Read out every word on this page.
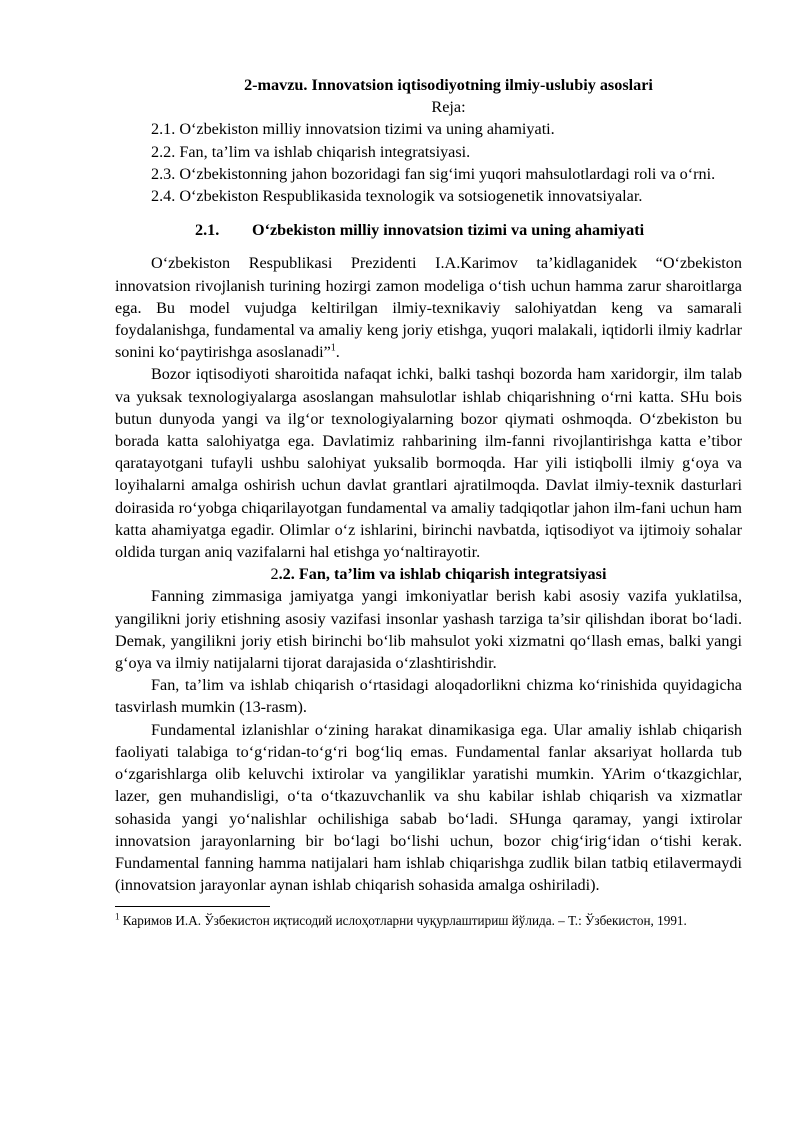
2-mavzu. Innovatsion iqtisodiyotning ilmiy-uslubiy asoslari

Reja:

2.1. O‘zbekiston milliy innovatsion tizimi va uning ahamiyati.

2.2. Fan, ta’lim va ishlab chiqarish integratsiyasi.

2.3. O‘zbekistonning jahon bozoridagi fan sig‘imi yuqori mahsulotlardagi roli va o‘rni.

2.4. O‘zbekiston Respublikasida texnologik va sotsiogenetik innovatsiyalar.

2.1. O‘zbekiston milliy innovatsion tizimi va uning ahamiyati

O‘zbekiston Respublikasi Prezidenti I.A.Karimov ta’kidlaganidek “O‘zbekiston innovatsion rivojlanish turining hozirgi zamon modeliga o‘tish uchun hamma zarur sharoitlarga ega. Bu model vujudga keltirilgan ilmiy-texnikaviy salohiyatdan keng va samarali foydalanishga, fundamental va amaliy keng joriy etishga, yuqori malakali, iqtidorli ilmiy kadrlar sonini ko‘paytirishga asoslanadi”$^1$.

Bozor iqtisodiyoti sharoitida nafaqat ichki, balki tashqi bozorda ham xaridorgir, ilm talab va yuksak texnologiyalarga asoslangan mahsulotlar ishlab chiqarishning o‘rni katta. SHu bois butun dunyoda yangi va ilg‘or texnologiyalarning bozor qiymati oshmoqda. O‘zbekiston bu borada katta salohiyatga ega. Davlatimiz rahbarining ilm-fanni rivojlantirishga katta e’tibor qaratayotgani tufayli ushbu salohiyat yuksalib bormoqda. Har yili istiqbolli ilmiy g‘oya va loyihalarni amalga oshirish uchun davlat grantlari ajratilmoqda. Davlat ilmiy-texnik dasturlari doirasida ro‘yobga chiqarilayotgan fundamental va amaliy tadqiqotlar jahon ilm-fani uchun ham katta ahamiyatga egadir. Olimlar o‘z ishlarini, birinchi navbatda, iqtisodiyot va ijtimoiy sohalar oldida turgan aniq vazifalarni hal etishga yo‘naltirayotir.

2.2. Fan, ta’lim va ishlab chiqarish integratsiyasi

Fanning zimmasiga jamiyatga yangi imkoniyatlar berish kabi asosiy vazifa yuklatilsa, yangilikni joriy etishning asosiy vazifasi insonlar yashash tarziga ta’sir qilishdan iborat bo‘ladi. Demak, yangilikni joriy etish birinchi bo‘lib mahsulot yoki xizmatni qo‘llash emas, balki yangi g‘oya va ilmiy natijalarni tijorat darajasida o‘zlashtirishdir.

Fan, ta’lim va ishlab chiqarish o‘rtasidagi aloqadorlikni chizma ko‘rinishida quyidagicha tasvirlash mumkin (13-rasm).

Fundamental izlanishlar o‘zining harakat dinamikasiga ega. Ular amaliy ishlab chiqarish faoliyati talabiga to‘g‘ridan-to‘g‘ri bog‘liq emas. Fundamental fanlar aksariyat hollarda tub o‘zgarishlarga olib keluvchi ixtirolar va yangiliklar yaratishi mumkin. YArim o‘tkazgichlar, lazer, gen muhandisligi, o‘ta o‘tkazuvchanlik va shu kabilar ishlab chiqarish va xizmatlar sohasida yangi yo‘nalishlar ochilishiga sabab bo‘ladi. SHunga qaramay, yangi ixtirolar innovatsion jarayonlarning bir bo‘lagi bo‘lishi uchun, bozor chig‘irig‘idan o‘tishi kerak. Fundamental fanning hamma natijalari ham ishlab chiqarishga zudlik bilan tatbiq etilavermaydi (innovatsion jarayonlar aynan ishlab chiqarish sohasida amalga oshiriladi).

$^1$ Каримов И.А. Ўзбекистон иқтисодий ислоҳотларни чуқурлаштириш йўлида. – Т.: Ўзбекистон, 1991.
